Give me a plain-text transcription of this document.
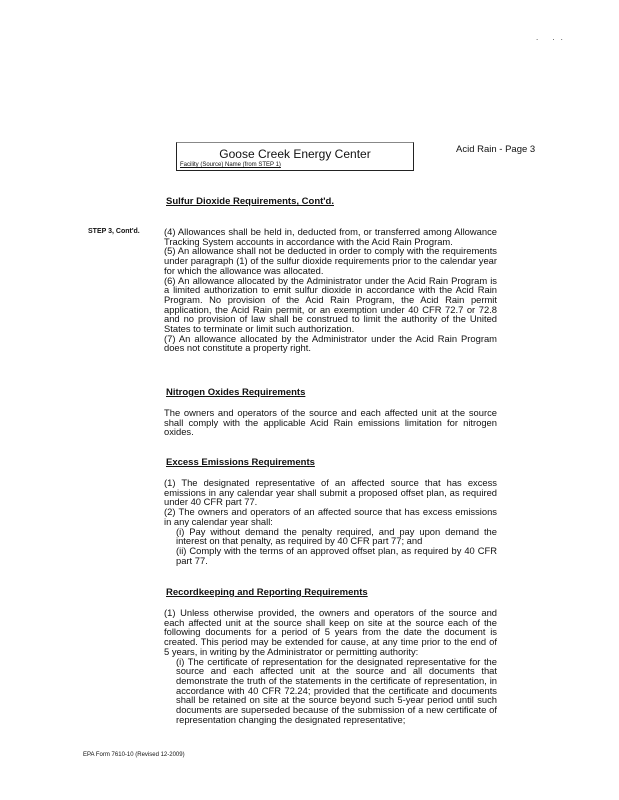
. ..
Goose Creek Energy Center
Facility (Source) Name (from STEP 1)
Acid Rain - Page 3
Sulfur Dioxide Requirements, Cont'd.
STEP 3, Cont'd.	(4) Allowances shall be held in, deducted from, or transferred among Allowance Tracking System accounts in accordance with the Acid Rain Program.

(5) An allowance shall not be deducted in order to comply with the requirements under paragraph (1) of the sulfur dioxide requirements prior to the calendar year for which the allowance was allocated.

(6) An allowance allocated by the Administrator under the Acid Rain Program is a limited authorization to emit sulfur dioxide in accordance with the Acid Rain Program. No provision of the Acid Rain Program, the Acid Rain permit application, the Acid Rain permit, or an exemption under 40 CFR 72.7 or 72.8 and no provision of law shall be construed to limit the authority of the United States to terminate or limit such authorization.

(7) An allowance allocated by the Administrator under the Acid Rain Program does not constitute a property right.

Nitrogen Oxides Requirements

The owners and operators of the source and each affected unit at the source shall comply with the applicable Acid Rain emissions limitation for nitrogen oxides.

Excess Emissions Requirements

(1) The designated representative of an affected source that has excess emissions in any calendar year shall submit a proposed offset plan, as required under 40 CFR part 77.

(2) The owners and operators of an affected source that has excess emissions in any calendar year shall:

(i) Pay without demand the penalty required, and pay upon demand the interest on that penalty, as required by 40 CFR part 77; and

(ii) Comply with the terms of an approved offset plan, as required by 40 CFR part 77.

Recordkeeping and Reporting Requirements

(1) Unless otherwise provided, the owners and operators of the source and each affected unit at the source shall keep on site at the source each of the following documents for a period of 5 years from the date the document is created. This period may be extended for cause, at any time prior to the end of 5 years, in writing by the Administrator or permitting authority:

(i) The certificate of representation for the designated representative for the source and each affected unit at the source and all documents that demonstrate the truth of the statements in the certificate of representation, in accordance with 40 CFR 72.24; provided that the certificate and documents shall be retained on site at the source beyond such 5-year period until such documents are superseded because of the submission of a new certificate of representation changing the designated representative;

EPA Form 7610-10 (Revised 12-2009)
